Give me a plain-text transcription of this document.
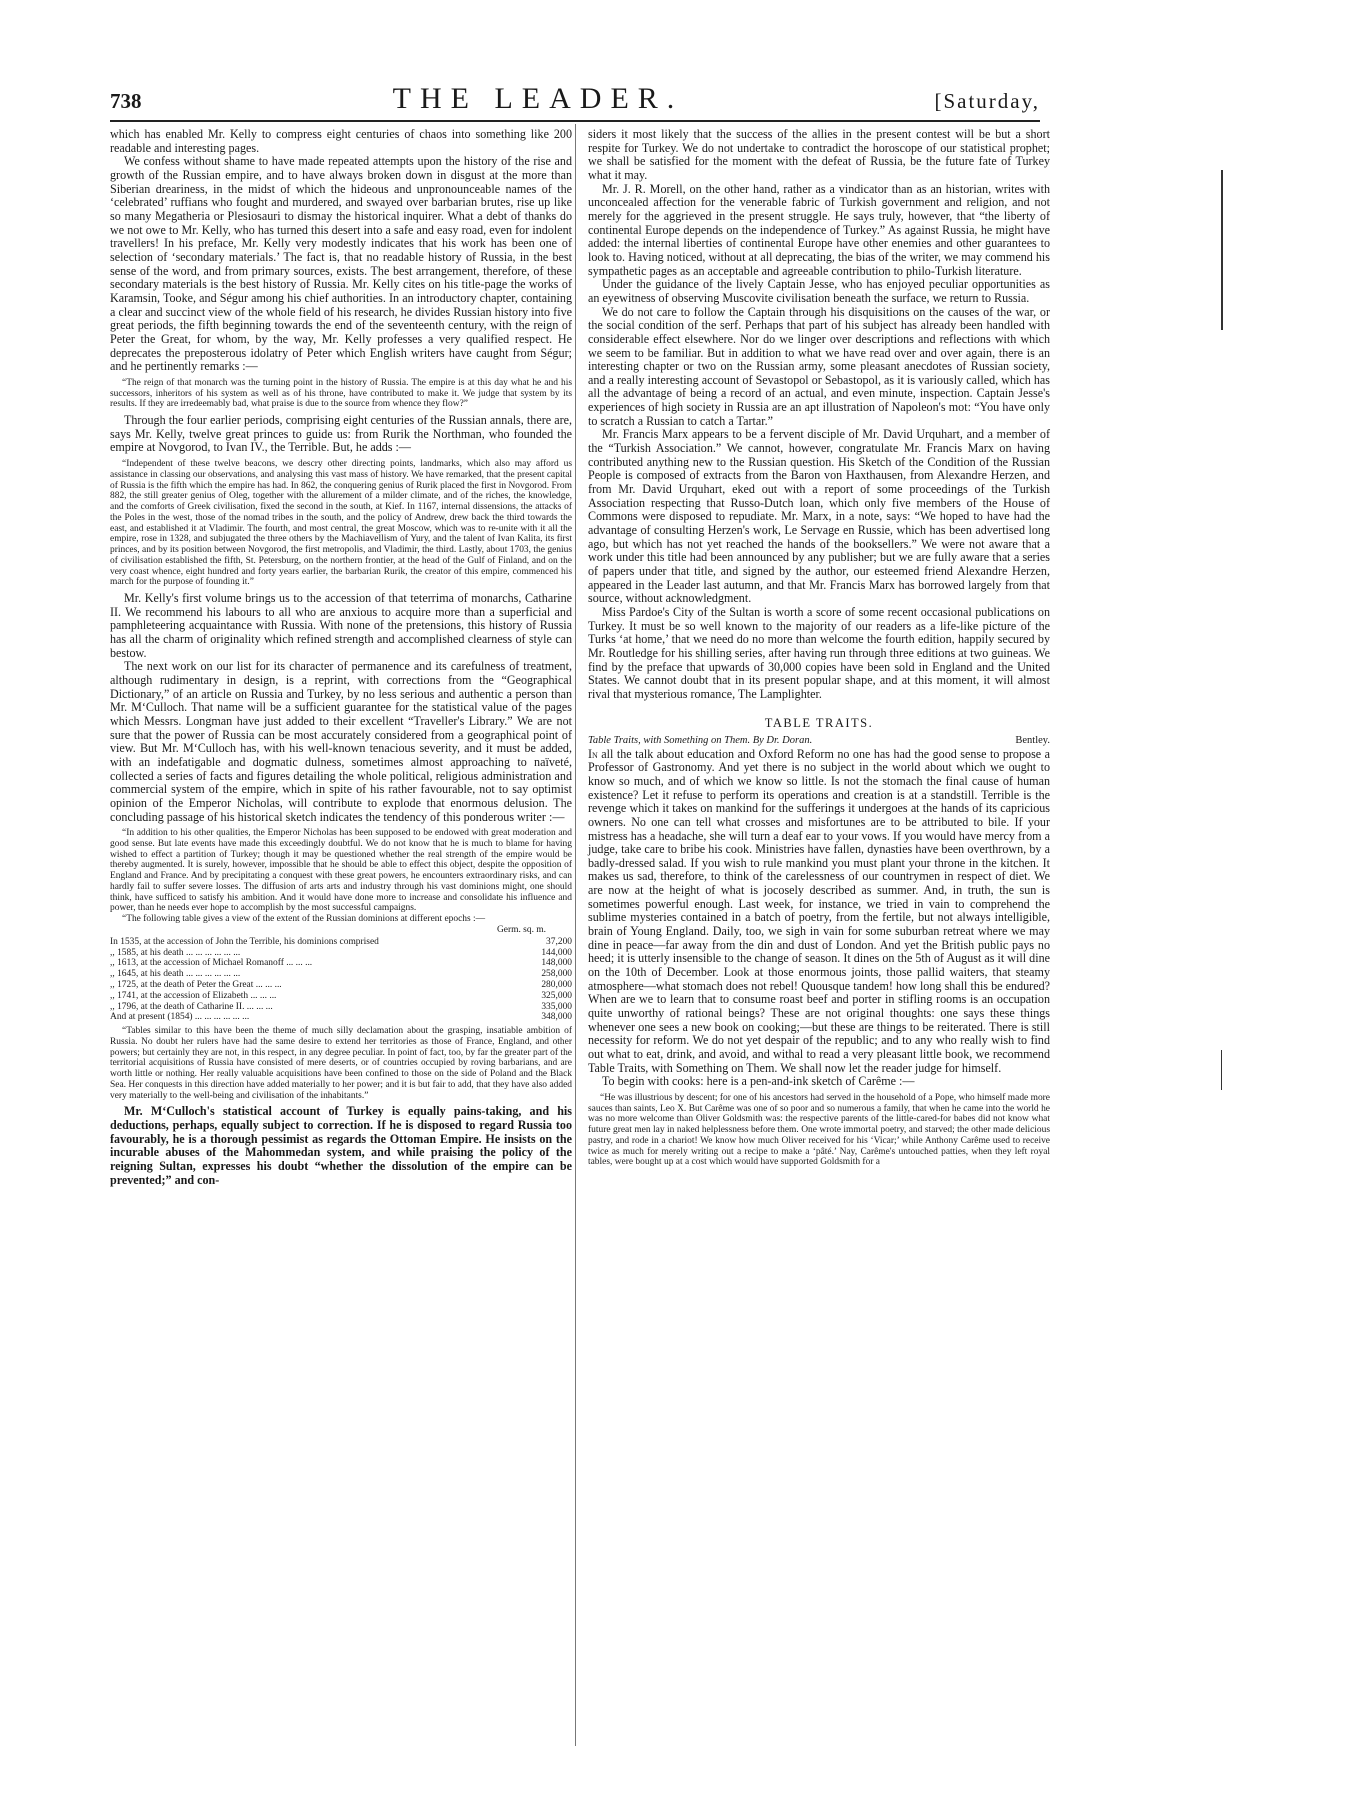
738	THE LEADER.	[Saturday,

which has enabled Mr. Kelly to compress eight centuries of chaos into something like 200 readable and interesting pages.

We confess without shame to have made repeated attempts upon the history of the rise and growth of the Russian empire, and to have always broken down in disgust at the more than Siberian dreariness, in the midst of which the hideous and unpronounceable names of the ‘celebrated’ ruffians who fought and murdered, and swayed over barbarian brutes, rise up like so many Megatheria or Plesiosauri to dismay the historical inquirer. What a debt of thanks do we not owe to Mr. Kelly, who has turned this desert into a safe and easy road, even for indolent travellers! In his preface, Mr. Kelly very modestly indicates that his work has been one of selection of ‘secondary materials.’ The fact is, that no readable history of Russia, in the best sense of the word, and from primary sources, exists. The best arrangement, therefore, of these secondary materials is the best history of Russia. Mr. Kelly cites on his title-page the works of Karamsin, Tooke, and Ségur among his chief authorities. In an introductory chapter, containing a clear and succinct view of the whole field of his research, he divides Russian history into five great periods, the fifth beginning towards the end of the seventeenth century, with the reign of Peter the Great, for whom, by the way, Mr. Kelly professes a very qualified respect. He deprecates the preposterous idolatry of Peter which English writers have caught from Ségur; and he pertinently remarks :—

“The reign of that monarch was the turning point in the history of Russia. The empire is at this day what he and his successors, inheritors of his system as well as of his throne, have contributed to make it. We judge that system by its results. If they are irredeemably bad, what praise is due to the source from whence they flow?”

Through the four earlier periods, comprising eight centuries of the Russian annals, there are, says Mr. Kelly, twelve great princes to guide us: from Rurik the Northman, who founded the empire at Novgorod, to Ivan IV., the Terrible. But, he adds :—

“Independent of these twelve beacons, we descry other directing points, landmarks, which also may afford us assistance in classing our observations, and analysing this vast mass of history. We have remarked, that the present capital of Russia is the fifth which the empire has had. In 862, the conquering genius of Rurik placed the first in Novgorod. From 882, the still greater genius of Oleg, together with the allurement of a milder climate, and of the riches, the knowledge, and the comforts of Greek civilisation, fixed the second in the south, at Kief. In 1167, internal dissensions, the attacks of the Poles in the west, those of the nomad tribes in the south, and the policy of Andrew, drew back the third towards the east, and established it at Vladimir. The fourth, and most central, the great Moscow, which was to re-unite with it all the empire, rose in 1328, and subjugated the three others by the Machiavellism of Yury, and the talent of Ivan Kalita, its first princes, and by its position between Novgorod, the first metropolis, and Vladimir, the third. Lastly, about 1703, the genius of civilisation established the fifth, St. Petersburg, on the northern frontier, at the head of the Gulf of Finland, and on the very coast whence, eight hundred and forty years earlier, the barbarian Rurik, the creator of this empire, commenced his march for the purpose of founding it.”

Mr. Kelly's first volume brings us to the accession of that teterrima of monarchs, Catharine II. We recommend his labours to all who are anxious to acquire more than a superficial and pamphleteering acquaintance with Russia. With none of the pretensions, this history of Russia has all the charm of originality which refined strength and accomplished clearness of style can bestow.

The next work on our list for its character of permanence and its carefulness of treatment, although rudimentary in design, is a reprint, with corrections from the “Geographical Dictionary,” of an article on Russia and Turkey, by no less serious and authentic a person than Mr. M‘Culloch. That name will be a sufficient guarantee for the statistical value of the pages which Messrs. Longman have just added to their excellent “Traveller's Library.” We are not sure that the power of Russia can be most accurately considered from a geographical point of view. But Mr. M‘Culloch has, with his well-known tenacious severity, and it must be added, with an indefatigable and dogmatic dulness, sometimes almost approaching to naïveté, collected a series of facts and figures detailing the whole political, religious administration and commercial system of the empire, which in spite of his rather favourable, not to say optimist opinion of the Emperor Nicholas, will contribute to explode that enormous delusion. The concluding passage of his historical sketch indicates the tendency of this ponderous writer :—

“In addition to his other qualities, the Emperor Nicholas has been supposed to be endowed with great moderation and good sense. But late events have made this exceedingly doubtful. We do not know that he is much to blame for having wished to effect a partition of Turkey; though it may be questioned whether the real strength of the empire would be thereby augmented. It is surely, however, impossible that he should be able to effect this object, despite the opposition of England and France. And by precipitating a conquest with these great powers, he encounters extraordinary risks, and can hardly fail to suffer severe losses. The diffusion of arts arts and industry through his vast dominions might, one should think, have sufficed to satisfy his ambition. And it would have done more to increase and consolidate his influence and power, than he needs ever hope to accomplish by the most successful campaigns.

“The following table gives a view of the extent of the Russian dominions at different epochs :—

Germ. sq. m.
In 1535, at the accession of John the Terrible, his dominions comprised	37,200
,, 1585, at his death ... ... ... ... ... ...	144,000
,, 1613, at the accession of Michael Romanoff ... ... ...	148,000
,, 1645, at his death ... ... ... ... ... ...	258,000
,, 1725, at the death of Peter the Great ... ... ...	280,000
,, 1741, at the accession of Elizabeth ... ... ...	325,000
,, 1796, at the death of Catharine II. ... ... ...	335,000
And at present (1854) ... ... ... ... ... ...	348,000

“Tables similar to this have been the theme of much silly declamation about the grasping, insatiable ambition of Russia. No doubt her rulers have had the same desire to extend her territories as those of France, England, and other powers; but certainly they are not, in this respect, in any degree peculiar. In point of fact, too, by far the greater part of the territorial acquisitions of Russia have consisted of mere deserts, or of countries occupied by roving barbarians, and are worth little or nothing. Her really valuable acquisitions have been confined to those on the side of Poland and the Black Sea. Her conquests in this direction have added materially to her power; and it is but fair to add, that they have also added very materially to the well-being and civilisation of the inhabitants.”

Mr. M‘Culloch's statistical account of Turkey is equally pains-taking, and his deductions, perhaps, equally subject to correction. If he is disposed to regard Russia too favourably, he is a thorough pessimist as regards the Ottoman Empire. He insists on the incurable abuses of the Mahommedan system, and while praising the policy of the reigning Sultan, expresses his doubt “whether the dissolution of the empire can be prevented;” and con-

siders it most likely that the success of the allies in the present contest will be but a short respite for Turkey. We do not undertake to contradict the horoscope of our statistical prophet; we shall be satisfied for the moment with the defeat of Russia, be the future fate of Turkey what it may.

Mr. J. R. Morell, on the other hand, rather as a vindicator than as an historian, writes with unconcealed affection for the venerable fabric of Turkish government and religion, and not merely for the aggrieved in the present struggle. He says truly, however, that “the liberty of continental Europe depends on the independence of Turkey.” As against Russia, he might have added: the internal liberties of continental Europe have other enemies and other guarantees to look to. Having noticed, without at all deprecating, the bias of the writer, we may commend his sympathetic pages as an acceptable and agreeable contribution to philo-Turkish literature.

Under the guidance of the lively Captain Jesse, who has enjoyed peculiar opportunities as an eyewitness of observing Muscovite civilisation beneath the surface, we return to Russia.

We do not care to follow the Captain through his disquisitions on the causes of the war, or the social condition of the serf. Perhaps that part of his subject has already been handled with considerable effect elsewhere. Nor do we linger over descriptions and reflections with which we seem to be familiar. But in addition to what we have read over and over again, there is an interesting chapter or two on the Russian army, some pleasant anecdotes of Russian society, and a really interesting account of Sevastopol or Sebastopol, as it is variously called, which has all the advantage of being a record of an actual, and even minute, inspection. Captain Jesse's experiences of high society in Russia are an apt illustration of Napoleon's mot: “You have only to scratch a Russian to catch a Tartar.”

Mr. Francis Marx appears to be a fervent disciple of Mr. David Urquhart, and a member of the “Turkish Association.” We cannot, however, congratulate Mr. Francis Marx on having contributed anything new to the Russian question. His Sketch of the Condition of the Russian People is composed of extracts from the Baron von Haxthausen, from Alexandre Herzen, and from Mr. David Urquhart, eked out with a report of some proceedings of the Turkish Association respecting that Russo-Dutch loan, which only five members of the House of Commons were disposed to repudiate. Mr. Marx, in a note, says: “We hoped to have had the advantage of consulting Herzen's work, Le Servage en Russie, which has been advertised long ago, but which has not yet reached the hands of the booksellers.” We were not aware that a work under this title had been announced by any publisher; but we are fully aware that a series of papers under that title, and signed by the author, our esteemed friend Alexandre Herzen, appeared in the Leader last autumn, and that Mr. Francis Marx has borrowed largely from that source, without acknowledgment.

Miss Pardoe's City of the Sultan is worth a score of some recent occasional publications on Turkey. It must be so well known to the majority of our readers as a life-like picture of the Turks ‘at home,’ that we need do no more than welcome the fourth edition, happily secured by Mr. Routledge for his shilling series, after having run through three editions at two guineas. We find by the preface that upwards of 30,000 copies have been sold in England and the United States. We cannot doubt that in its present popular shape, and at this moment, it will almost rival that mysterious romance, The Lamplighter.

TABLE TRAITS.
Table Traits, with Something on Them. By Dr. Doran.	Bentley.

In all the talk about education and Oxford Reform no one has had the good sense to propose a Professor of Gastronomy. And yet there is no subject in the world about which we ought to know so much, and of which we know so little. Is not the stomach the final cause of human existence? Let it refuse to perform its operations and creation is at a standstill. Terrible is the revenge which it takes on mankind for the sufferings it undergoes at the hands of its capricious owners. No one can tell what crosses and misfortunes are to be attributed to bile. If your mistress has a headache, she will turn a deaf ear to your vows. If you would have mercy from a judge, take care to bribe his cook. Ministries have fallen, dynasties have been overthrown, by a badly-dressed salad. If you wish to rule mankind you must plant your throne in the kitchen. It makes us sad, therefore, to think of the carelessness of our countrymen in respect of diet. We are now at the height of what is jocosely described as summer. And, in truth, the sun is sometimes powerful enough. Last week, for instance, we tried in vain to comprehend the sublime mysteries contained in a batch of poetry, from the fertile, but not always intelligible, brain of Young England. Daily, too, we sigh in vain for some suburban retreat where we may dine in peace—far away from the din and dust of London. And yet the British public pays no heed; it is utterly insensible to the change of season. It dines on the 5th of August as it will dine on the 10th of December. Look at those enormous joints, those pallid waiters, that steamy atmosphere—what stomach does not rebel! Quousque tandem! how long shall this be endured? When are we to learn that to consume roast beef and porter in stifling rooms is an occupation quite unworthy of rational beings? These are not original thoughts: one says these things whenever one sees a new book on cooking;—but these are things to be reiterated. There is still necessity for reform. We do not yet despair of the republic; and to any who really wish to find out what to eat, drink, and avoid, and withal to read a very pleasant little book, we recommend Table Traits, with Something on Them. We shall now let the reader judge for himself.

To begin with cooks: here is a pen-and-ink sketch of Carême :—

“He was illustrious by descent; for one of his ancestors had served in the household of a Pope, who himself made more sauces than saints, Leo X. But Carême was one of so poor and so numerous a family, that when he came into the world he was no more welcome than Oliver Goldsmith was: the respective parents of the little-cared-for babes did not know what future great men lay in naked helplessness before them. One wrote immortal poetry, and starved; the other made delicious pastry, and rode in a chariot! We know how much Oliver received for his ‘Vicar;’ while Anthony Carême used to receive twice as much for merely writing out a recipe to make a ‘pâté.’ Nay, Carême's untouched patties, when they left royal tables, were bought up at a cost which would have supported Goldsmith for a
